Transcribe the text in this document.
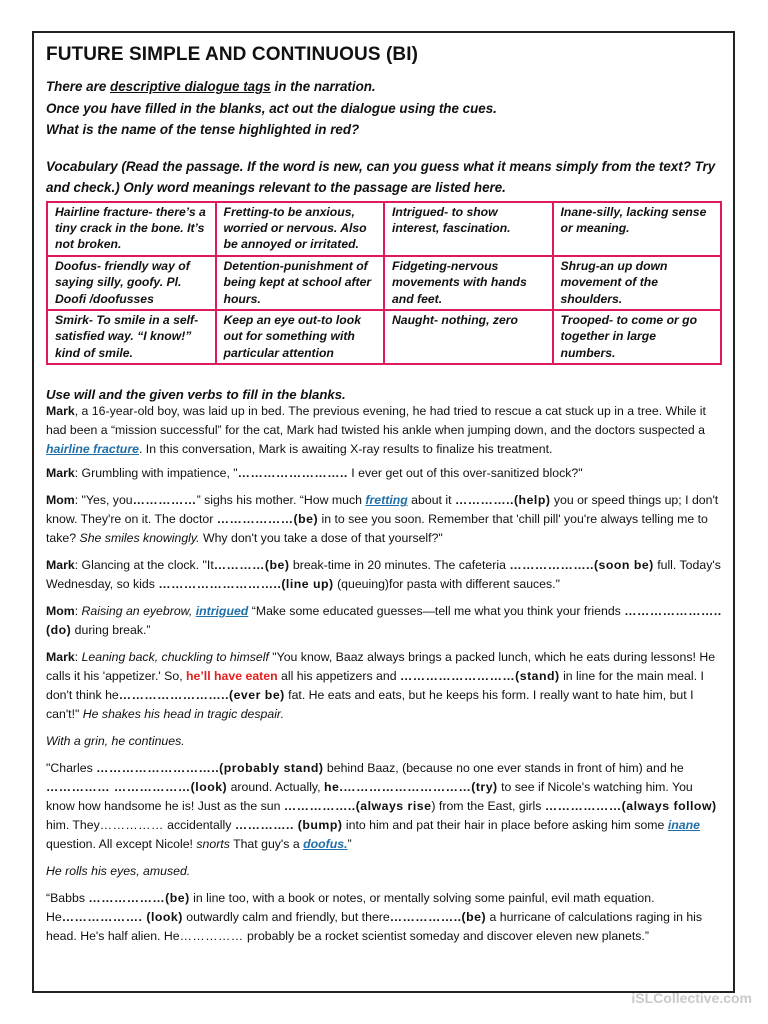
FUTURE SIMPLE AND CONTINUOUS (BI)

There are descriptive dialogue tags in the narration.

Once you have filled in the blanks, act out the dialogue using the cues.

What is the name of the tense highlighted in red?

Vocabulary (Read the passage. If the word is new, can you guess what it means simply from the text? Try and check.) Only word meanings relevant to the passage are listed here.
Hairline fracture- there’s a tiny crack in the bone. It’s not broken.	Fretting-to be anxious, worried or nervous. Also be annoyed or irritated.	Intrigued- to show interest, fascination.	Inane-silly, lacking sense or meaning.
Doofus- friendly way of saying silly, goofy. Pl. Doofi /doofusses	Detention-punishment of being kept at school after hours.	Fidgeting-nervous movements with hands and feet.	Shrug-an up down movement of the shoulders.
Smirk- To smile in a self- satisfied way. “I know!” kind of smile.	Keep an eye out-to look out for something with particular attention	Naught- nothing, zero	Trooped- to come or go together in large numbers.
Use will and the given verbs to fill in the blanks.

Mark, a 16-year-old boy, was laid up in bed. The previous evening, he had tried to rescue a cat stuck up in a tree. While it had been a “mission successful” for the cat, Mark had twisted his ankle when jumping down, and the doctors suspected a hairline fracture. In this conversation, Mark is awaiting X-ray results to finalize his treatment.

Mark: Grumbling with impatience, "…………………….. I ever get out of this over-sanitized block?"

Mom: "Yes, you……………” sighs his mother. “How much fretting about it …………..(help) you or speed things up; I don't know. They're on it. The doctor ………………(be) in to see you soon. Remember that 'chill pill' you're always telling me to take? She smiles knowingly. Why don't you take a dose of that yourself?"

Mark: Glancing at the clock. "It…………(be) break-time in 20 minutes. The cafeteria ………………..(soon be) full. Today's Wednesday, so kids ………………………..(line up) (queuing)for pasta with different sauces."

Mom: Raising an eyebrow, intrigued “Make some educated guesses—tell me what you think your friends …………………..(do) during break.”

Mark: Leaning back, chuckling to himself "You know, Baaz always brings a packed lunch, which he eats during lessons! He calls it his 'appetizer.' So, he’ll have eaten all his appetizers and ………………………(stand) in line for the main meal. I don't think he……………………..(ever be) fat. He eats and eats, but he keeps his form. I really want to hate him, but I can't!" He shakes his head in tragic despair.

With a grin, he continues.

"Charles ………………………..(probably stand) behind Baaz, (because no one ever stands in front of him) and he …………… ………………(look) around. Actually, he.…………………………(try) to see if Nicole's watching him. You know how handsome he is! Just as the sun ……………..(always rise) from the East, girls ………………(always follow) him. They…………… accidentally ………….. (bump) into him and pat their hair in place before asking him some inane question. All except Nicole! snorts That guy's a doofus.”

He rolls his eyes, amused.

“Babbs ………………(be) in line too, with a book or notes, or mentally solving some painful, evil math equation. He………………. (look) outwardly calm and friendly, but there……………..(be) a hurricane of calculations raging in his head. He's half alien. He…………… probably be a rocket scientist someday and discover eleven new planets.”

iSLCollective.com
